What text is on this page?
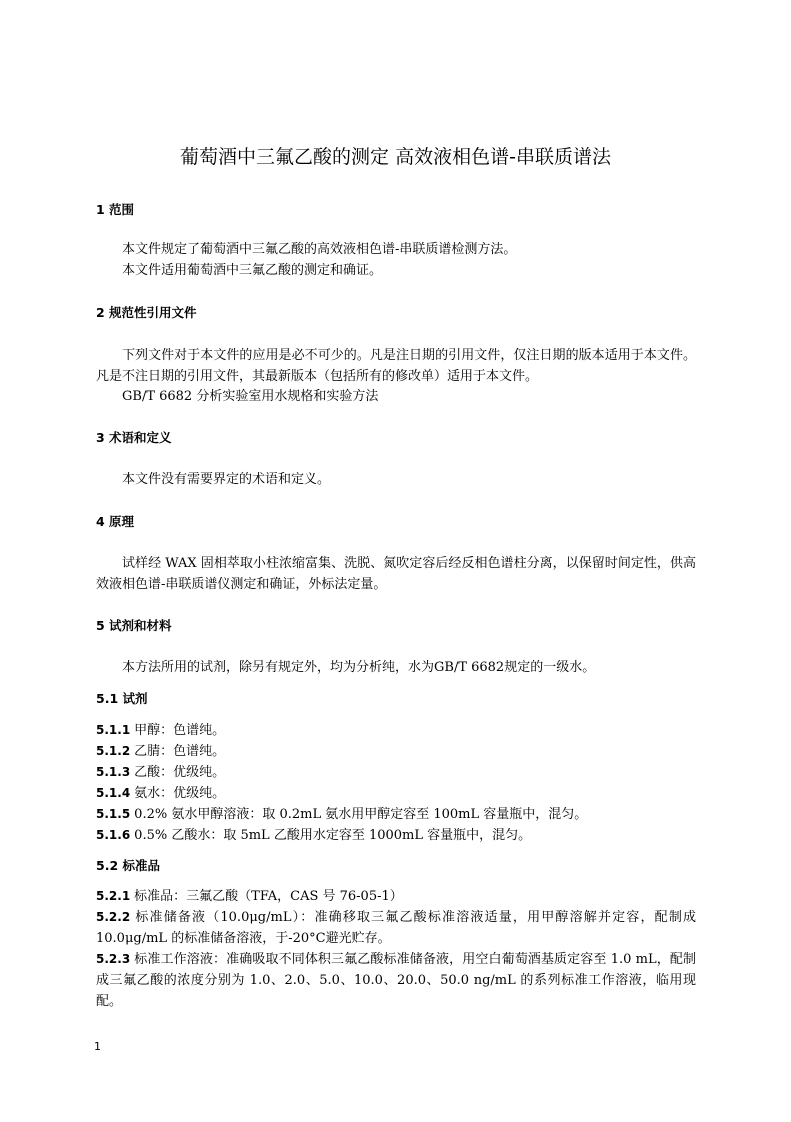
葡萄酒中三氟乙酸的测定 高效液相色谱-串联质谱法
1 范围
本文件规定了葡萄酒中三氟乙酸的高效液相色谱-串联质谱检测方法。
本文件适用葡萄酒中三氟乙酸的测定和确证。
2 规范性引用文件
下列文件对于本文件的应用是必不可少的。凡是注日期的引用文件，仅注日期的版本适用于本文件。凡是不注日期的引用文件，其最新版本（包括所有的修改单）适用于本文件。
GB/T 6682 分析实验室用水规格和实验方法
3 术语和定义
本文件没有需要界定的术语和定义。
4 原理
试样经 WAX 固相萃取小柱浓缩富集、洗脱、氮吹定容后经反相色谱柱分离，以保留时间定性，供高效液相色谱-串联质谱仪测定和确证，外标法定量。
5 试剂和材料
本方法所用的试剂，除另有规定外，均为分析纯，水为GB/T 6682规定的一级水。
5.1 试剂
5.1.1 甲醇：色谱纯。
5.1.2 乙腈：色谱纯。
5.1.3 乙酸：优级纯。
5.1.4 氨水：优级纯。
5.1.5 0.2% 氨水甲醇溶液：取 0.2mL 氨水用甲醇定容至 100mL 容量瓶中，混匀。
5.1.6 0.5% 乙酸水：取 5mL 乙酸用水定容至 1000mL 容量瓶中，混匀。
5.2 标准品
5.2.1 标准品：三氟乙酸（TFA，CAS 号 76-05-1）
5.2.2 标准储备液（10.0μg/mL）：准确移取三氟乙酸标准溶液适量，用甲醇溶解并定容，配制成10.0μg/mL 的标准储备溶液，于-20°C避光贮存。
5.2.3 标准工作溶液：准确吸取不同体积三氟乙酸标准储备液，用空白葡萄酒基质定容至 1.0 mL，配制成三氟乙酸的浓度分别为 1.0、2.0、5.0、10.0、20.0、50.0 ng/mL 的系列标准工作溶液，临用现配。
1
